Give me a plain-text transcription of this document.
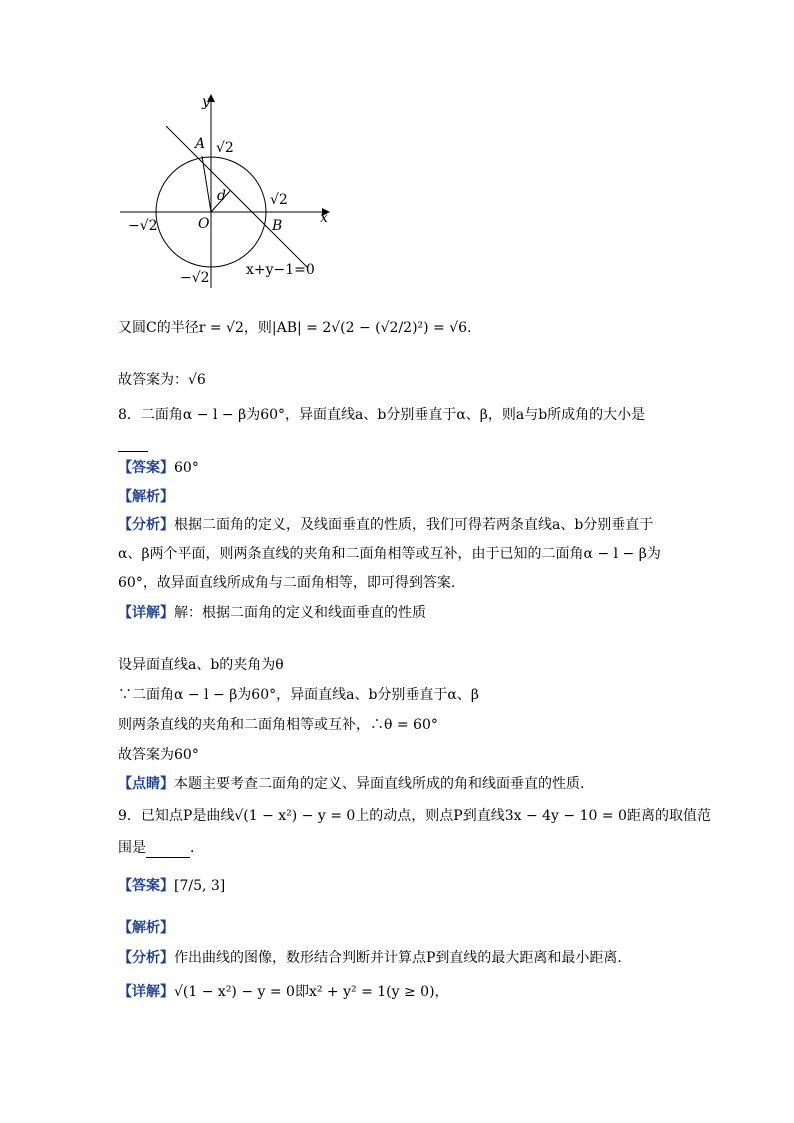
y
x
A
B
O
d
√2
√2
−√2
−√2	x+y−1=0
又圆C的半径r = √2，则|AB| = 2√(2 − (√2/2)²) = √6．
故答案为：√6
8．二面角α − l − β为60°，异面直线a、b分别垂直于α、β，则a与b所成角的大小是
【答案】60°
【解析】
【分析】根据二面角的定义，及线面垂直的性质，我们可得若两条直线a、b分别垂直于
α、β两个平面，则两条直线的夹角和二面角相等或互补，由于已知的二面角α − l − β为
60°，故异面直线所成角与二面角相等，即可得到答案.
【详解】解：根据二面角的定义和线面垂直的性质
设异面直线a、b的夹角为θ
∵二面角α − l − β为60°，异面直线a、b分别垂直于α、β
则两条直线的夹角和二面角相等或互补，∴θ = 60°
故答案为60°
【点睛】本题主要考查二面角的定义、异面直线所成的角和线面垂直的性质.
9．已知点P是曲线√(1 − x²) − y = 0上的动点，则点P到直线3x − 4y − 10 = 0距离的取值范
围是	．
【答案】[7/5, 3]
【解析】
【分析】作出曲线的图像，数形结合判断并计算点P到直线的最大距离和最小距离.
【详解】√(1 − x²) − y = 0即x² + y² = 1(y ≥ 0)，
